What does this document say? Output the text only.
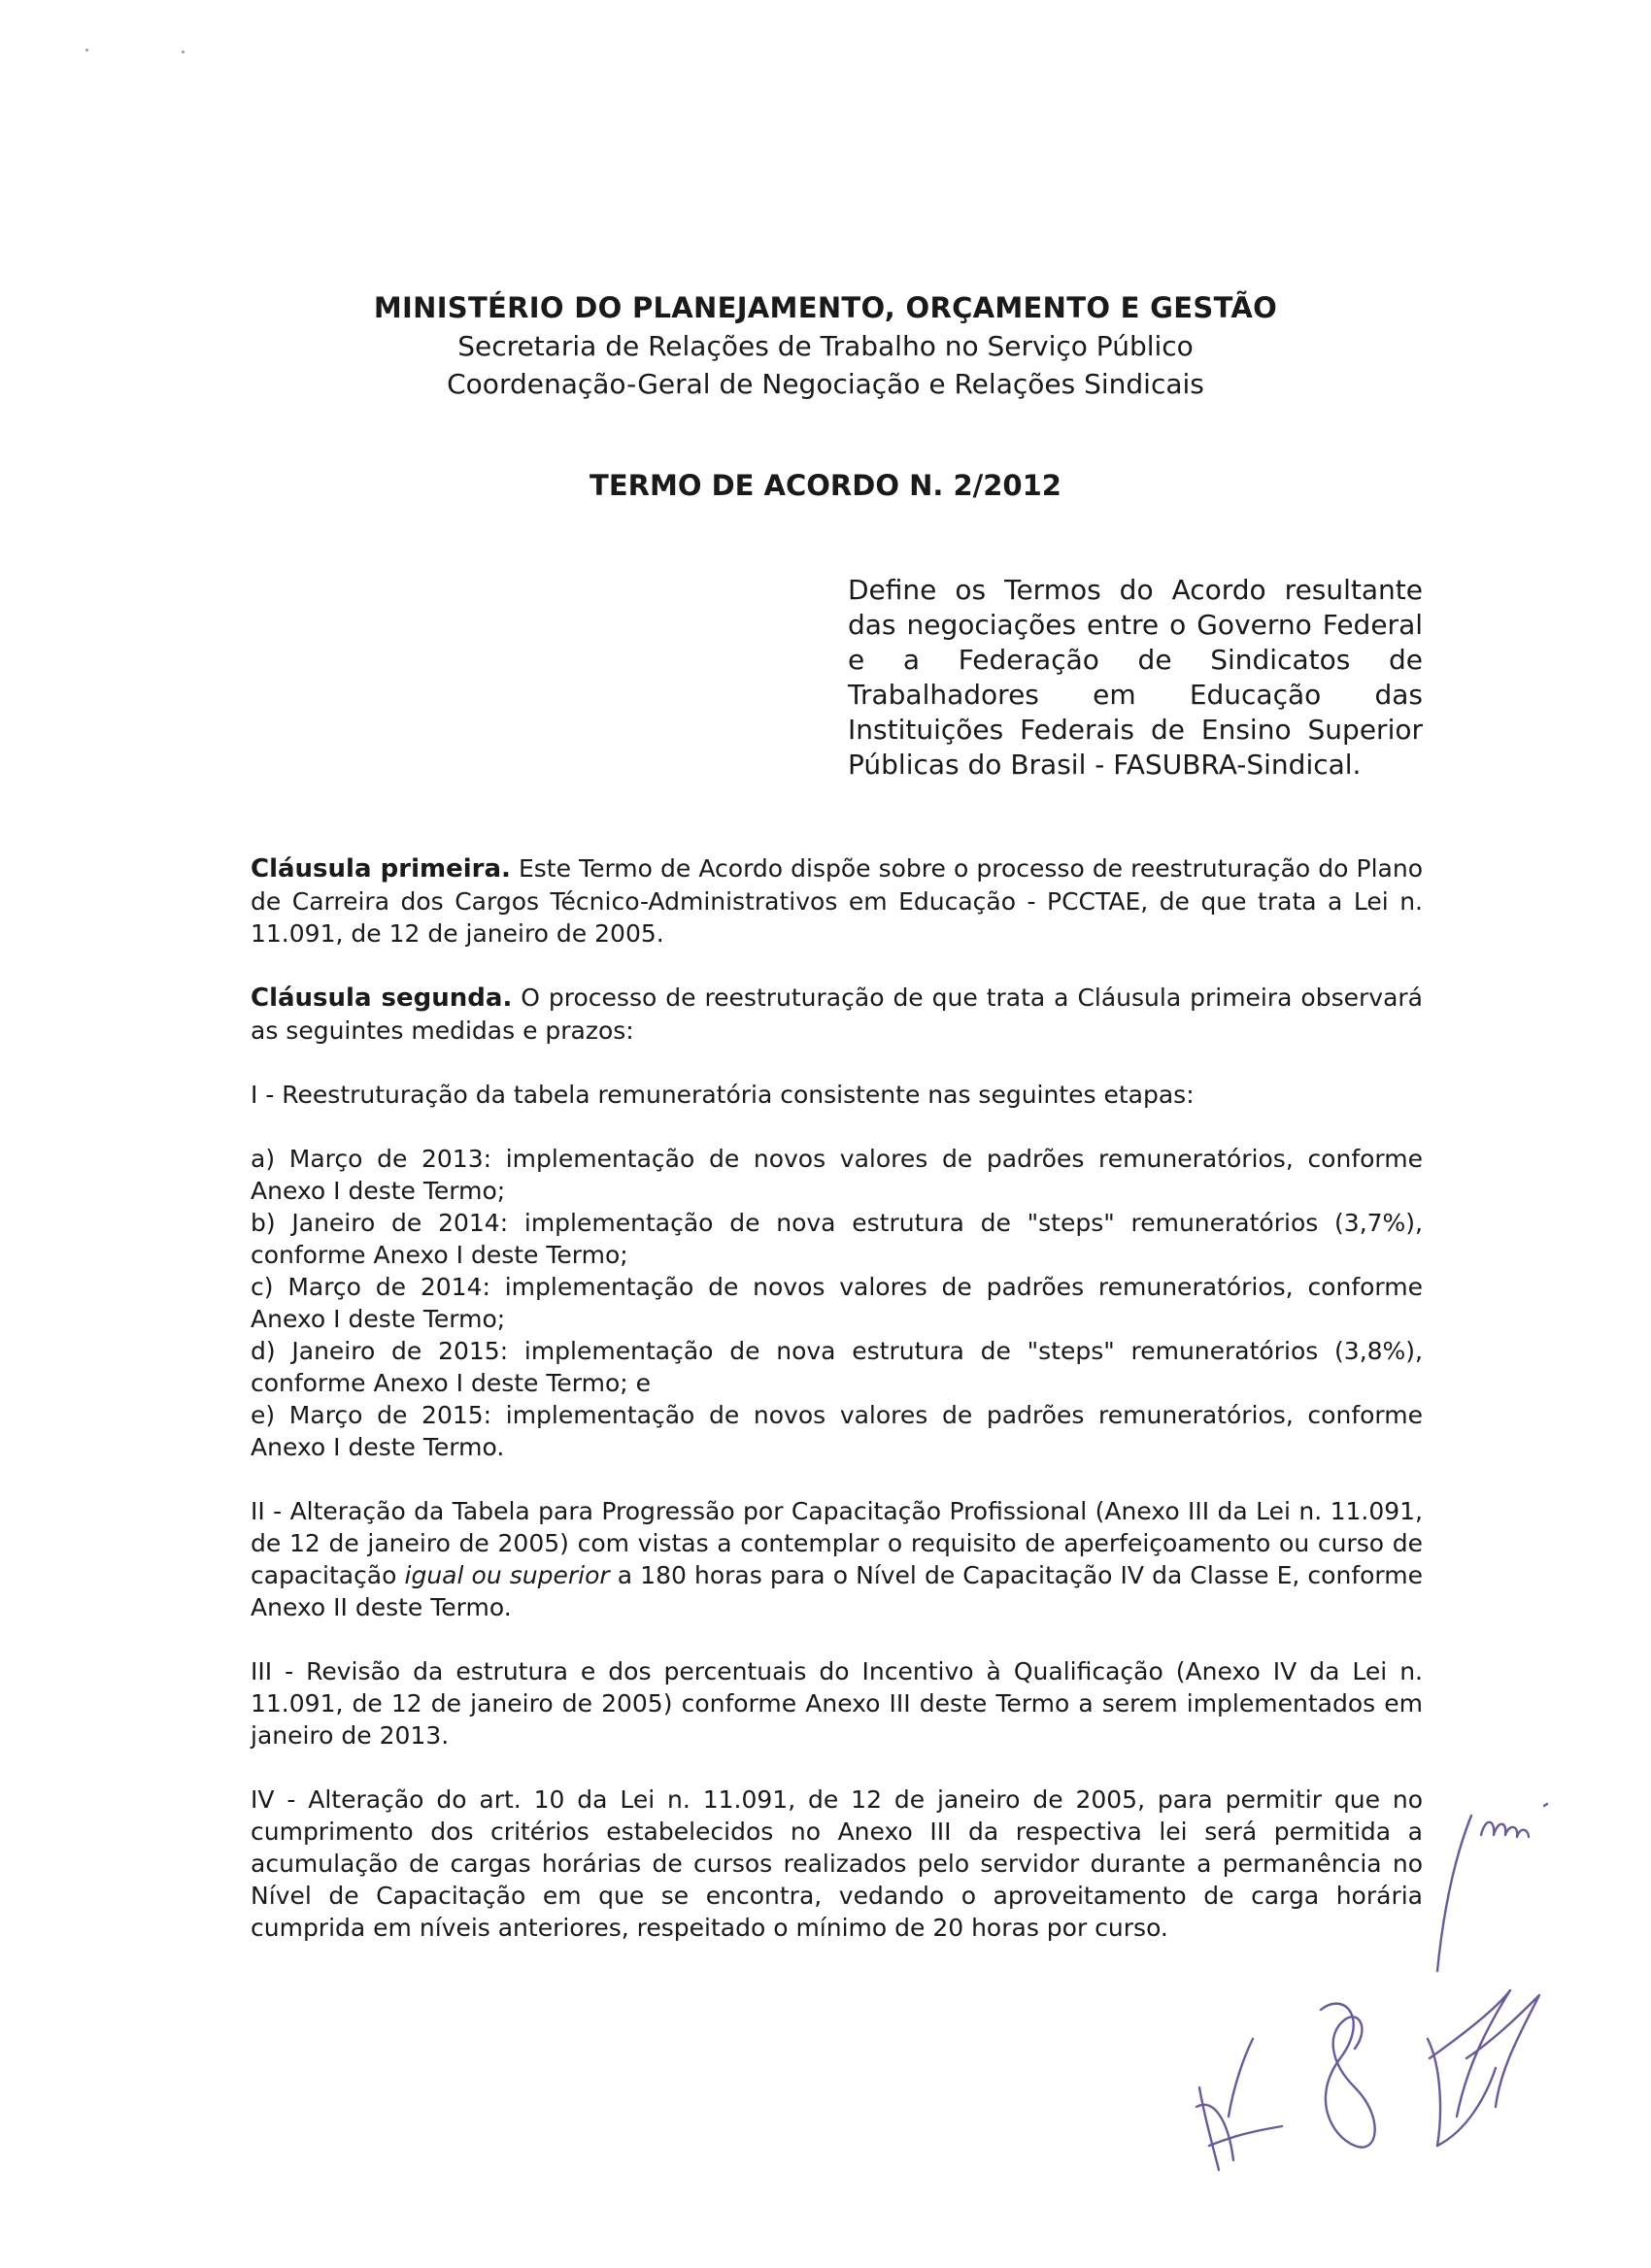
MINISTÉRIO DO PLANEJAMENTO, ORÇAMENTO E GESTÃO

Secretaria de Relações de Trabalho no Serviço Público

Coordenação-Geral de Negociação e Relações Sindicais

TERMO DE ACORDO N. 2/2012
Define os Termos do Acordo resultante das negociações entre o Governo Federal e a Federação de Sindicatos de Trabalhadores em Educação das Instituições Federais de Ensino Superior Públicas do Brasil - FASUBRA-Sindical.

Cláusula primeira. Este Termo de Acordo dispõe sobre o processo de reestruturação do Plano de Carreira dos Cargos Técnico-Administrativos em Educação - PCCTAE, de que trata a Lei n. 11.091, de 12 de janeiro de 2005.

Cláusula segunda. O processo de reestruturação de que trata a Cláusula primeira observará as seguintes medidas e prazos:

I - Reestruturação da tabela remuneratória consistente nas seguintes etapas:

a) Março de 2013: implementação de novos valores de padrões remuneratórios, conforme Anexo I deste Termo;

b) Janeiro de 2014: implementação de nova estrutura de "steps" remuneratórios (3,7%), conforme Anexo I deste Termo;

c) Março de 2014: implementação de novos valores de padrões remuneratórios, conforme Anexo I deste Termo;

d) Janeiro de 2015: implementação de nova estrutura de "steps" remuneratórios (3,8%), conforme Anexo I deste Termo; e

e) Março de 2015: implementação de novos valores de padrões remuneratórios, conforme Anexo I deste Termo.

II - Alteração da Tabela para Progressão por Capacitação Profissional (Anexo III da Lei n. 11.091, de 12 de janeiro de 2005) com vistas a contemplar o requisito de aperfeiçoamento ou curso de capacitação igual ou superior a 180 horas para o Nível de Capacitação IV da Classe E, conforme Anexo II deste Termo.

III - Revisão da estrutura e dos percentuais do Incentivo à Qualificação (Anexo IV da Lei n. 11.091, de 12 de janeiro de 2005) conforme Anexo III deste Termo a serem implementados em janeiro de 2013.

IV - Alteração do art. 10 da Lei n. 11.091, de 12 de janeiro de 2005, para permitir que no cumprimento dos critérios estabelecidos no Anexo III da respectiva lei será permitida a acumulação de cargas horárias de cursos realizados pelo servidor durante a permanência no Nível de Capacitação em que se encontra, vedando o aproveitamento de carga horária cumprida em níveis anteriores, respeitado o mínimo de 20 horas por curso.
